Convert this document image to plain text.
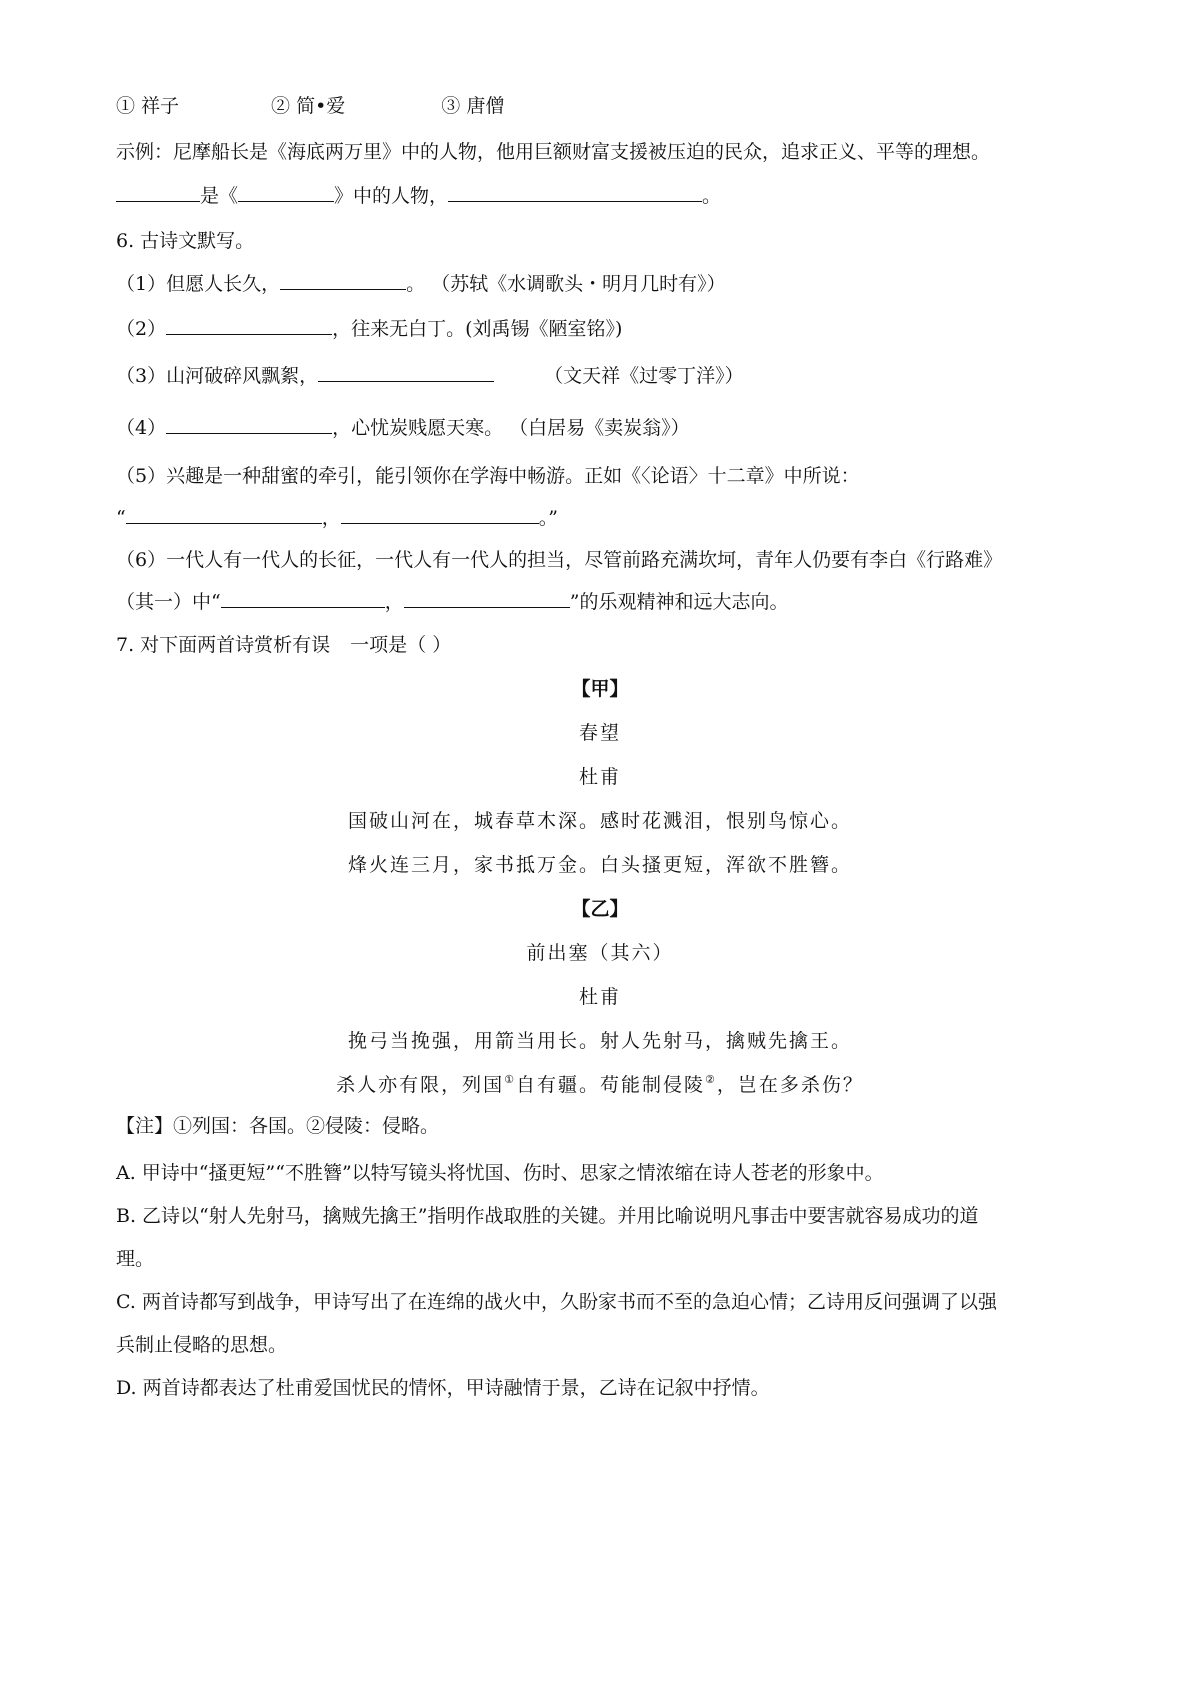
① 祥子	② 简•爱	③ 唐僧
示例：尼摩船长是《海底两万里》中的人物，他用巨额财富支援被压迫的民众，追求正义、平等的理想。
是《	》中的人物，	。
6. 古诗文默写。
（1）但愿人长久，	。 （苏轼《水调歌头・明月几时有》）
（2）	，往来无白丁。(刘禹锡《陋室铭》)
（3）山河破碎风飘絮，	（文天祥《过零丁洋》）
（4）	，心忧炭贱愿天寒。 （白居易《卖炭翁》）
（5）兴趣是一种甜蜜的牵引，能引领你在学海中畅游。正如《〈论语〉十二章》中所说：
“	，	。”
（6）一代人有一代人的长征，一代人有一代人的担当，尽管前路充满坎坷，青年人仍要有李白《行路难》
（其一）中“	，	”的乐观精神和远大志向。
7. 对下面两首诗赏析有误 一项是（ ）
【甲】
春望
杜甫
国破山河在，城春草木深。感时花溅泪，恨别鸟惊心。
烽火连三月，家书抵万金。白头搔更短，浑欲不胜簪。
【乙】
前出塞（其六）
杜甫
挽弓当挽强，用箭当用长。射人先射马，擒贼先擒王。
杀人亦有限，列国①自有疆。苟能制侵陵②，岂在多杀伤？
【注】①列国：各国。②侵陵：侵略。
A. 甲诗中“搔更短”“不胜簪”以特写镜头将忧国、伤时、思家之情浓缩在诗人苍老的形象中。
B. 乙诗以“射人先射马，擒贼先擒王”指明作战取胜的关键。并用比喻说明凡事击中要害就容易成功的道
理。
C. 两首诗都写到战争，甲诗写出了在连绵的战火中，久盼家书而不至的急迫心情；乙诗用反问强调了以强
兵制止侵略的思想。
D. 两首诗都表达了杜甫爱国忧民的情怀，甲诗融情于景，乙诗在记叙中抒情。
